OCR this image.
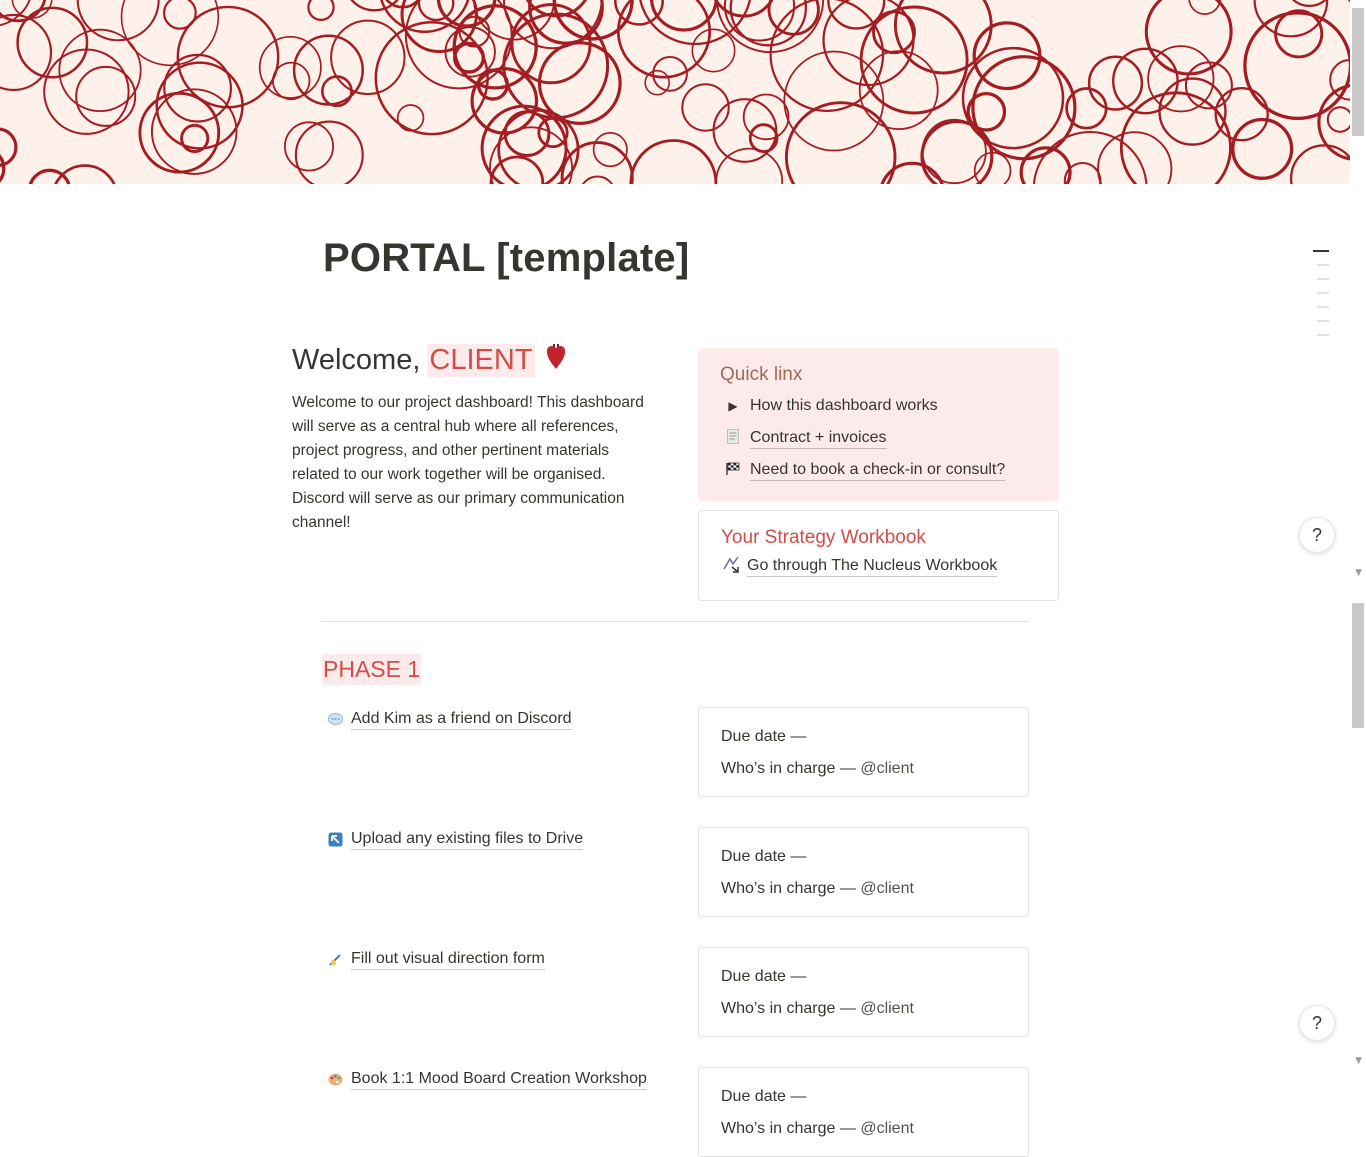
▼
▼
?
?
PORTAL [template]
Welcome, CLIENT

Welcome to our project dashboard! This dashboard will serve as a central hub where all references, project progress, and other pertinent materials related to our work together will be organised. Discord will serve as our primary communication channel!

Quick linx
▶ How this dashboard works
Contract + invoices
Need to book a check-in or consult?
Your Strategy Workbook
Go through The Nucleus Workbook
PHASE 1
Add Kim as a friend on Discord
Due date —
Who’s in charge — @client
Upload any existing files to Drive
Due date —
Who’s in charge — @client
Fill out visual direction form
Due date —
Who’s in charge — @client
Book 1:1 Mood Board Creation Workshop
Due date —
Who’s in charge — @client
